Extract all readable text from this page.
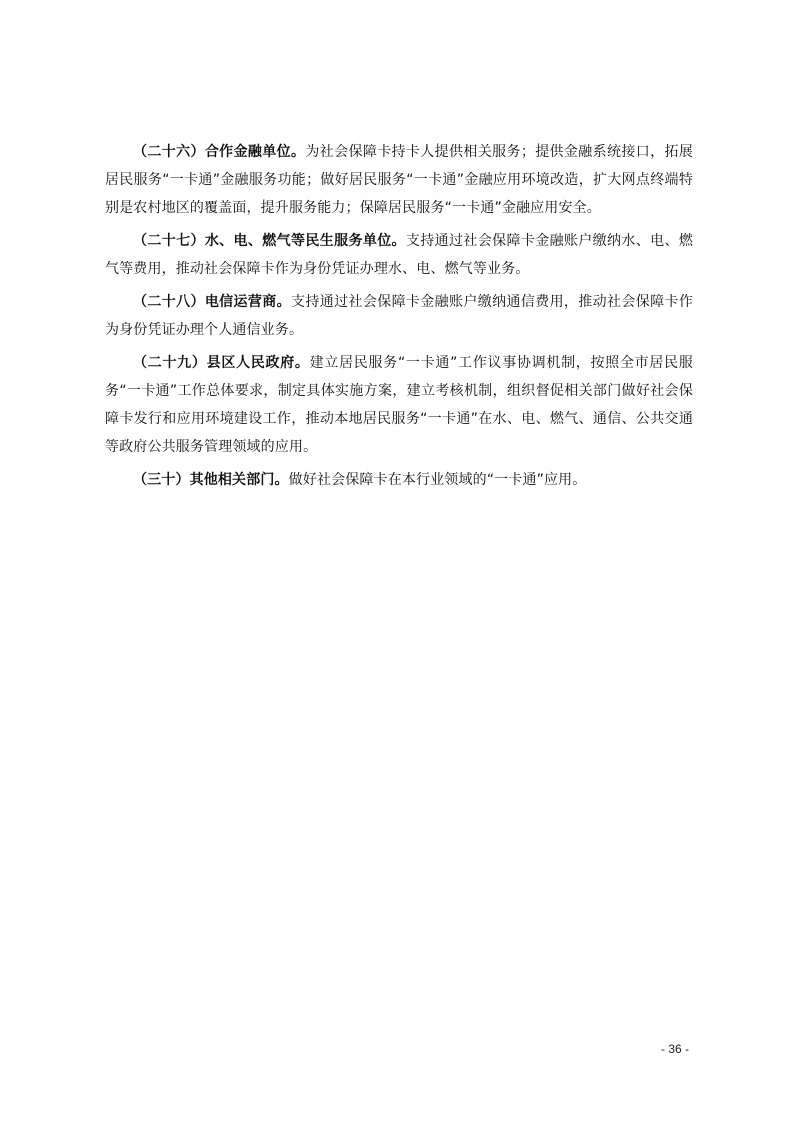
（二十六）合作金融单位。为社会保障卡持卡人提供相关服务；提供金融系统接口，拓展居民服务“一卡通”金融服务功能；做好居民服务“一卡通”金融应用环境改造，扩大网点终端特别是农村地区的覆盖面，提升服务能力；保障居民服务“一卡通”金融应用安全。

（二十七）水、电、燃气等民生服务单位。支持通过社会保障卡金融账户缴纳水、电、燃气等费用，推动社会保障卡作为身份凭证办理水、电、燃气等业务。

（二十八）电信运营商。支持通过社会保障卡金融账户缴纳通信费用，推动社会保障卡作为身份凭证办理个人通信业务。

（二十九）县区人民政府。建立居民服务“一卡通”工作议事协调机制，按照全市居民服务“一卡通”工作总体要求，制定具体实施方案，建立考核机制，组织督促相关部门做好社会保障卡发行和应用环境建设工作，推动本地居民服务“一卡通”在水、电、燃气、通信、公共交通等政府公共服务管理领域的应用。

（三十）其他相关部门。做好社会保障卡在本行业领域的“一卡通”应用。

- 36 -
